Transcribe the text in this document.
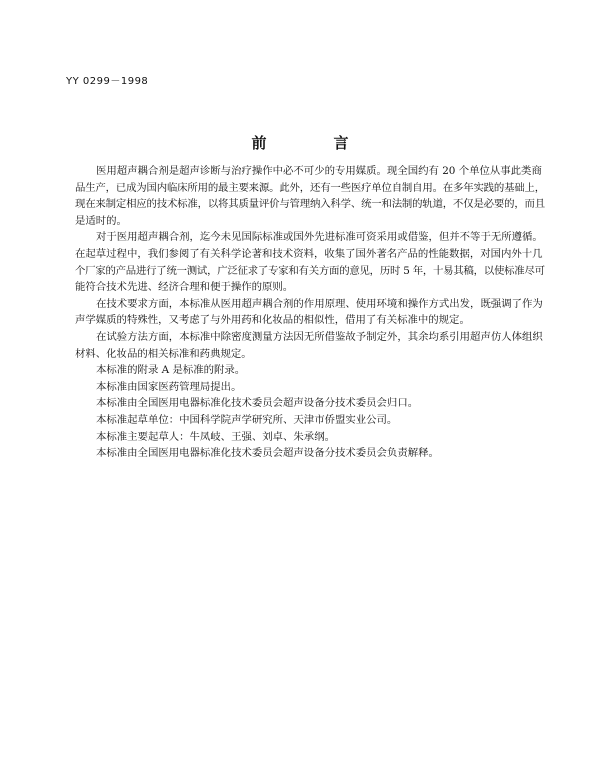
YY 0299－1998
前　言
医用超声耦合剂是超声诊断与治疗操作中必不可少的专用媒质。现全国约有 20 个单位从事此类商
品生产，已成为国内临床所用的最主要来源。此外，还有一些医疗单位自制自用。在多年实践的基础上，
现在来制定相应的技术标准，以将其质量评价与管理纳入科学、统一和法制的轨道，不仅是必要的，而且
是适时的。
对于医用超声耦合剂，迄今未见国际标准或国外先进标准可资采用或借鉴，但并不等于无所遵循。
在起草过程中，我们参阅了有关科学论著和技术资料，收集了国外著名产品的性能数据，对国内外十几
个厂家的产品进行了统一测试，广泛征求了专家和有关方面的意见，历时 5 年，十易其稿，以使标准尽可
能符合技术先进、经济合理和便于操作的原则。
在技术要求方面，本标准从医用超声耦合剂的作用原理、使用环境和操作方式出发，既强调了作为
声学媒质的特殊性，又考虑了与外用药和化妆品的相似性，借用了有关标准中的规定。
在试验方法方面，本标准中除密度测量方法因无所借鉴故予制定外，其余均系引用超声仿人体组织
材料、化妆品的相关标准和药典规定。
本标准的附录 A 是标准的附录。
本标准由国家医药管理局提出。
本标准由全国医用电器标准化技术委员会超声设备分技术委员会归口。
本标准起草单位：中国科学院声学研究所、天津市侨盟实业公司。
本标准主要起草人：牛凤岐、王强、刘卓、朱承纲。
本标准由全国医用电器标准化技术委员会超声设备分技术委员会负责解释。
